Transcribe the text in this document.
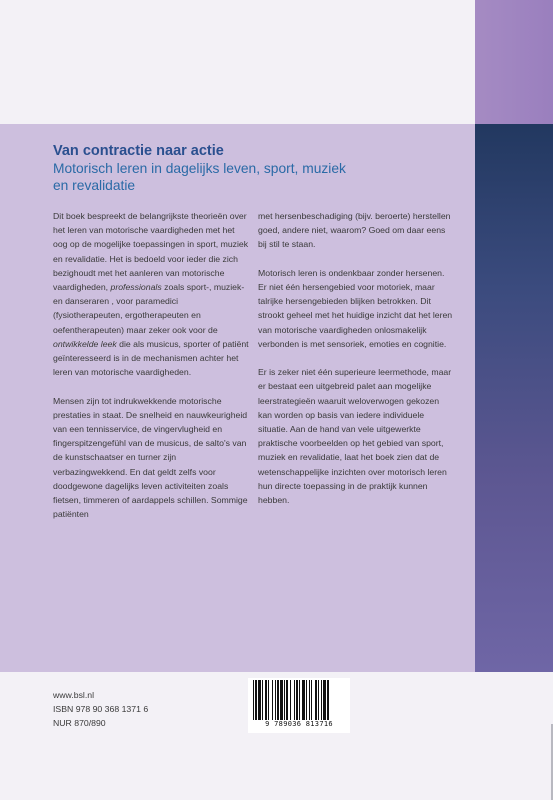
Van contractie naar actie
Motorisch leren in dagelijks leven, sport, muziek en revalidatie

Dit boek bespreekt de belangrijkste theorieën over het leren van motorische vaardigheden met het oog op de mogelijke toepassingen in sport, muziek en revalidatie. Het is bedoeld voor ieder die zich bezighoudt met het aanleren van motorische vaardigheden, professionals zoals sport-, muziek- en danseraren , voor paramedici (fysiotherapeuten, ergotherapeuten en oefentherapeuten) maar zeker ook voor de ontwikkelde leek die als musicus, sporter of patiënt geïnteresseerd is in de mechanismen achter het leren van motorische vaardigheden.

Mensen zijn tot indrukwekkende motorische prestaties in staat. De snelheid en nauwkeurigheid van een tennisservice, de vingervlugheid en fingerspitzengefühl van de musicus, de salto's van de kunstschaatser en turner zijn verbazingwekkend. En dat geldt zelfs voor doodgewone dagelijks leven activiteiten zoals fietsen, timmeren of aardappels schillen. Sommige patiënten

met hersenbeschadiging (bijv. beroerte) herstellen goed, andere niet, waarom? Goed om daar eens bij stil te staan.

Motorisch leren is ondenkbaar zonder hersenen. Er niet één hersengebied voor motoriek, maar talrijke hersengebieden blijken betrokken. Dit strookt geheel met het huidige inzicht dat het leren van motorische vaardigheden onlosmakelijk verbonden is met sensoriek, emoties en cognitie.

Er is zeker niet één superieure leermethode, maar er bestaat een uitgebreid palet aan mogelijke leerstrategieën waaruit weloverwogen gekozen kan worden op basis van iedere individuele situatie. Aan de hand van vele uitgewerkte praktische voorbeelden op het gebied van sport, muziek en revalidatie, laat het boek zien dat de wetenschappelijke inzichten over motorisch leren hun directe toepassing in de praktijk kunnen hebben.

www.bsl.nl
ISBN 978 90 368 1371 6
NUR 870/890	9 789036 813716
